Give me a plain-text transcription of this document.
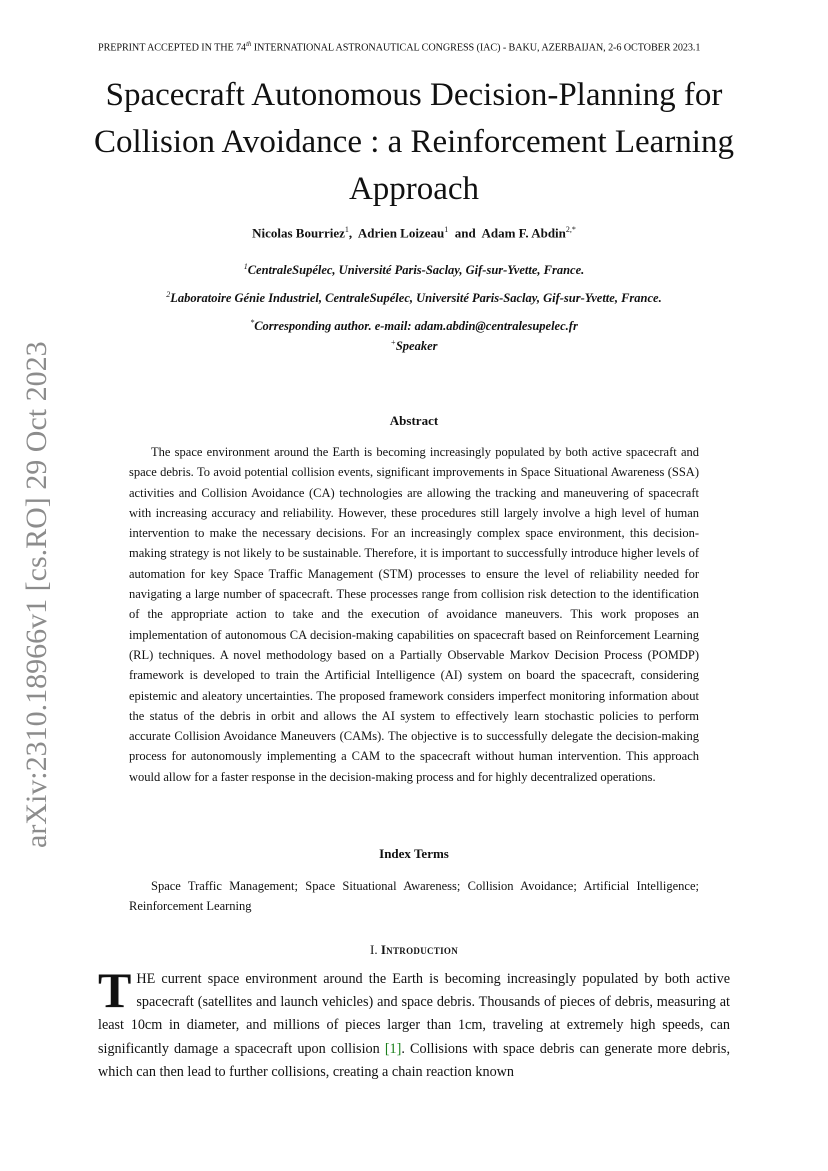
PREPRINT ACCEPTED IN THE 74th INTERNATIONAL ASTRONAUTICAL CONGRESS (IAC) - BAKU, AZERBAIJAN, 2-6 OCTOBER 2023.1
arXiv:2310.18966v1 [cs.RO] 29 Oct 2023
Spacecraft Autonomous Decision-Planning for Collision Avoidance : a Reinforcement Learning Approach
Nicolas Bourriez$^1$,  Adrien Loizeau$^1$  and  Adam F. Abdin$^{2,*}$
$^1$CentraleSupélec, Université Paris-Saclay, Gif-sur-Yvette, France.
$^2$Laboratoire Génie Industriel, CentraleSupélec, Université Paris-Saclay, Gif-sur-Yvette, France.
*Corresponding author. e-mail: adam.abdin@centralesupelec.fr
+Speaker
Abstract
The space environment around the Earth is becoming increasingly populated by both active spacecraft and space debris. To avoid potential collision events, significant improvements in Space Situational Awareness (SSA) activities and Collision Avoidance (CA) technologies are allowing the tracking and maneuvering of spacecraft with increasing accuracy and reliability. However, these procedures still largely involve a high level of human intervention to make the necessary decisions. For an increasingly complex space environment, this decision-making strategy is not likely to be sustainable. Therefore, it is important to successfully introduce higher levels of automation for key Space Traffic Management (STM) processes to ensure the level of reliability needed for navigating a large number of spacecraft. These processes range from collision risk detection to the identification of the appropriate action to take and the execution of avoidance maneuvers. This work proposes an implementation of autonomous CA decision-making capabilities on spacecraft based on Reinforcement Learning (RL) techniques. A novel methodology based on a Partially Observable Markov Decision Process (POMDP) framework is developed to train the Artificial Intelligence (AI) system on board the spacecraft, considering epistemic and aleatory uncertainties. The proposed framework considers imperfect monitoring information about the status of the debris in orbit and allows the AI system to effectively learn stochastic policies to perform accurate Collision Avoidance Maneuvers (CAMs). The objective is to successfully delegate the decision-making process for autonomously implementing a CAM to the spacecraft without human intervention. This approach would allow for a faster response in the decision-making process and for highly decentralized operations.
Index Terms
Space Traffic Management; Space Situational Awareness; Collision Avoidance; Artificial Intelligence; Reinforcement Learning
I. Introduction
THE current space environment around the Earth is becoming increasingly populated by both active spacecraft (satellites and launch vehicles) and space debris. Thousands of pieces of debris, measuring at least 10cm in diameter, and millions of pieces larger than 1cm, traveling at extremely high speeds, can significantly damage a spacecraft upon collision [1]. Collisions with space debris can generate more debris, which can then lead to further collisions, creating a chain reaction known
